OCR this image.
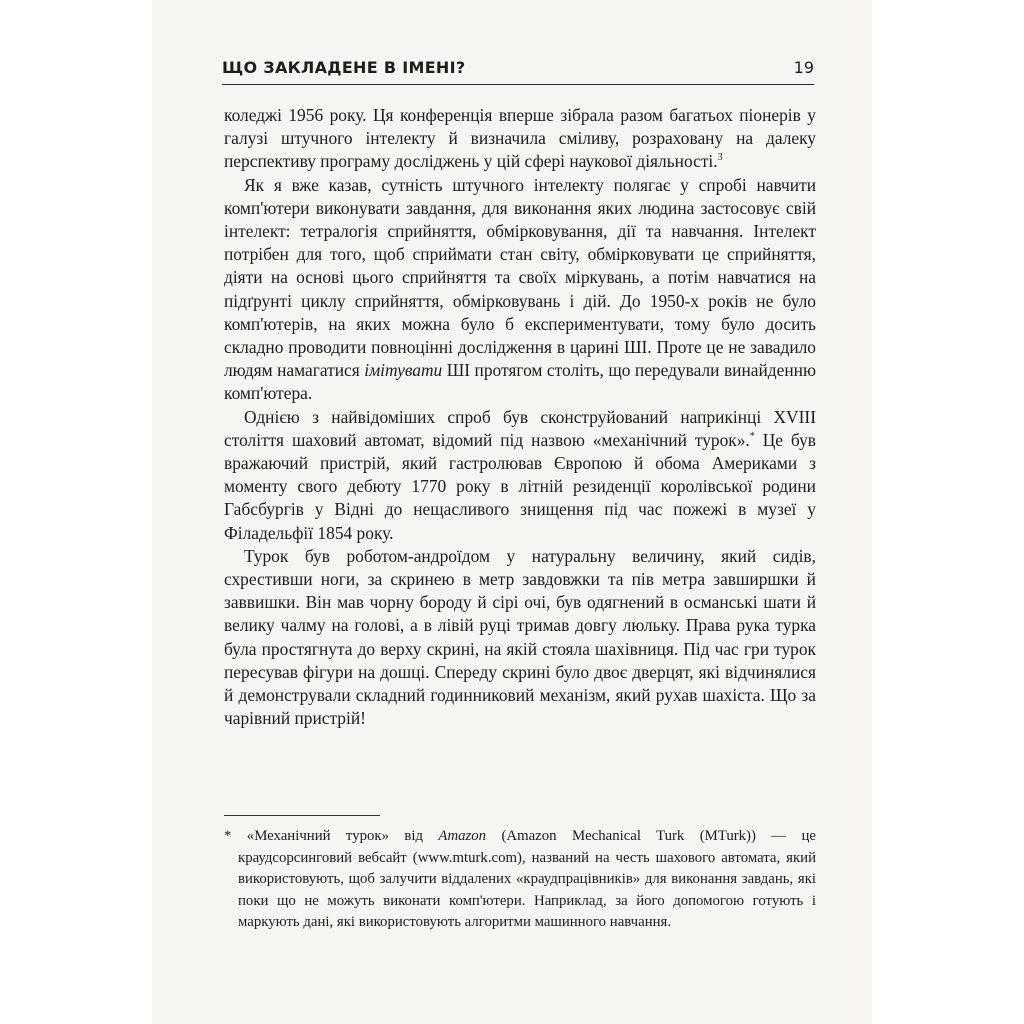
ЩО ЗАКЛАДЕНЕ В ІМЕНІ?	19

коледжі 1956 року. Ця конференція вперше зібрала разом багатьох піонерів у галузі штучного інтелекту й визначила сміливу, розраховану на далеку перспективу програму досліджень у цій сфері наукової діяльності.$^3$

Як я вже казав, сутність штучного інтелекту полягає у спробі навчити комп'ютери виконувати завдання, для виконання яких людина застосовує свій інтелект: тетралогія сприйняття, обмірковування, дії та навчання. Інтелект потрібен для того, щоб сприймати стан світу, обмірковувати це сприйняття, діяти на основі цього сприйняття та своїх міркувань, а потім навчатися на підґрунті циклу сприйняття, обмірковувань і дій. До 1950-х років не було комп'ютерів, на яких можна було б експериментувати, тому було досить складно проводити повноцінні дослідження в царині ШІ. Проте це не завадило людям намагатися імітувати ШІ протягом століть, що передували винайденню комп'ютера.

Однією з найвідоміших спроб був сконструйований наприкінці XVIII століття шаховий автомат, відомий під назвою «механічний турок».* Це був вражаючий пристрій, який гастролював Європою й обома Америками з моменту свого дебюту 1770 року в літній резиденції королівської родини Габсбургів у Відні до нещасливого знищення під час пожежі в музеї у Філадельфії 1854 року.

Турок був роботом-андроїдом у натуральну величину, який сидів, схрестивши ноги, за скринею в метр завдовжки та пів метра завширшки й заввишки. Він мав чорну бороду й сірі очі, був одягнений в османські шати й велику чалму на голові, а в лівій руці тримав довгу люльку. Права рука турка була простягнута до верху скрині, на якій стояла шахівниця. Під час гри турок пересував фігури на дошці. Спереду скрині було двоє дверцят, які відчинялися й демонстрували складний годинниковий механізм, який рухав шахіста. Що за чарівний пристрій!

* «Механічний турок» від Amazon (Amazon Mechanical Turk (MTurk)) — це краудсорсинговий вебсайт (www.mturk.com), названий на честь шахового автомата, який використовують, щоб залучити віддалених «краудпрацівників» для виконання завдань, які поки що не можуть виконати комп'ютери. Наприклад, за його допомогою готують і маркують дані, які використовують алгоритми машинного навчання.
